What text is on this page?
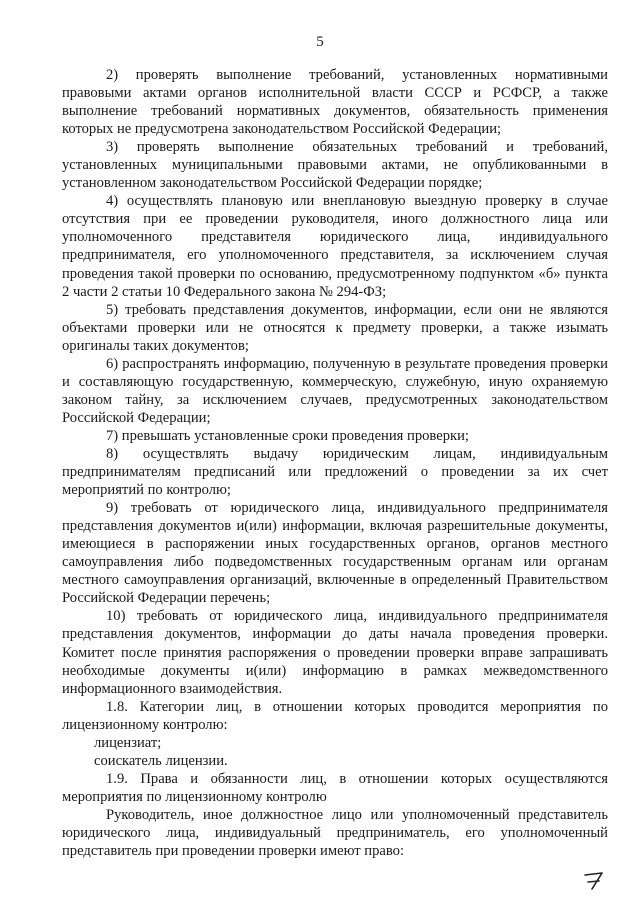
5

2) проверять выполнение требований, установленных нормативными правовыми актами органов исполнительной власти СССР и РСФСР, а также выполнение требований нормативных документов, обязательность применения которых не предусмотрена законодательством Российской Федерации;

3) проверять выполнение обязательных требований и требований, установленных муниципальными правовыми актами, не опубликованными в установленном законодательством Российской Федерации порядке;

4) осуществлять плановую или внеплановую выездную проверку в случае отсутствия при ее проведении руководителя, иного должностного лица или уполномоченного представителя юридического лица, индивидуального предпринимателя, его уполномоченного представителя, за исключением случая проведения такой проверки по основанию, предусмотренному подпунктом «б» пункта 2 части 2 статьи 10 Федерального закона № 294-ФЗ;

5) требовать представления документов, информации, если они не являются объектами проверки или не относятся к предмету проверки, а также изымать оригиналы таких документов;

6) распространять информацию, полученную в результате проведения проверки и составляющую государственную, коммерческую, служебную, иную охраняемую законом тайну, за исключением случаев, предусмотренных законодательством Российской Федерации;

7) превышать установленные сроки проведения проверки;

8) осуществлять выдачу юридическим лицам, индивидуальным предпринимателям предписаний или предложений о проведении за их счет мероприятий по контролю;

9) требовать от юридического лица, индивидуального предпринимателя представления документов и(или) информации, включая разрешительные документы, имеющиеся в распоряжении иных государственных органов, органов местного самоуправления либо подведомственных государственным органам или органам местного самоуправления организаций, включенные в определенный Правительством Российской Федерации перечень;

10) требовать от юридического лица, индивидуального предпринимателя представления документов, информации до даты начала проведения проверки. Комитет после принятия распоряжения о проведении проверки вправе запрашивать необходимые документы и(или) информацию в рамках межведомственного информационного взаимодействия.

1.8. Категории лиц, в отношении которых проводится мероприятия по лицензионному контролю:

лицензиат;

соискатель лицензии.

1.9. Права и обязанности лиц, в отношении которых осуществляются мероприятия по лицензионному контролю

Руководитель, иное должностное лицо или уполномоченный представитель юридического лица, индивидуальный предприниматель, его уполномоченный представитель при проведении проверки имеют право:
